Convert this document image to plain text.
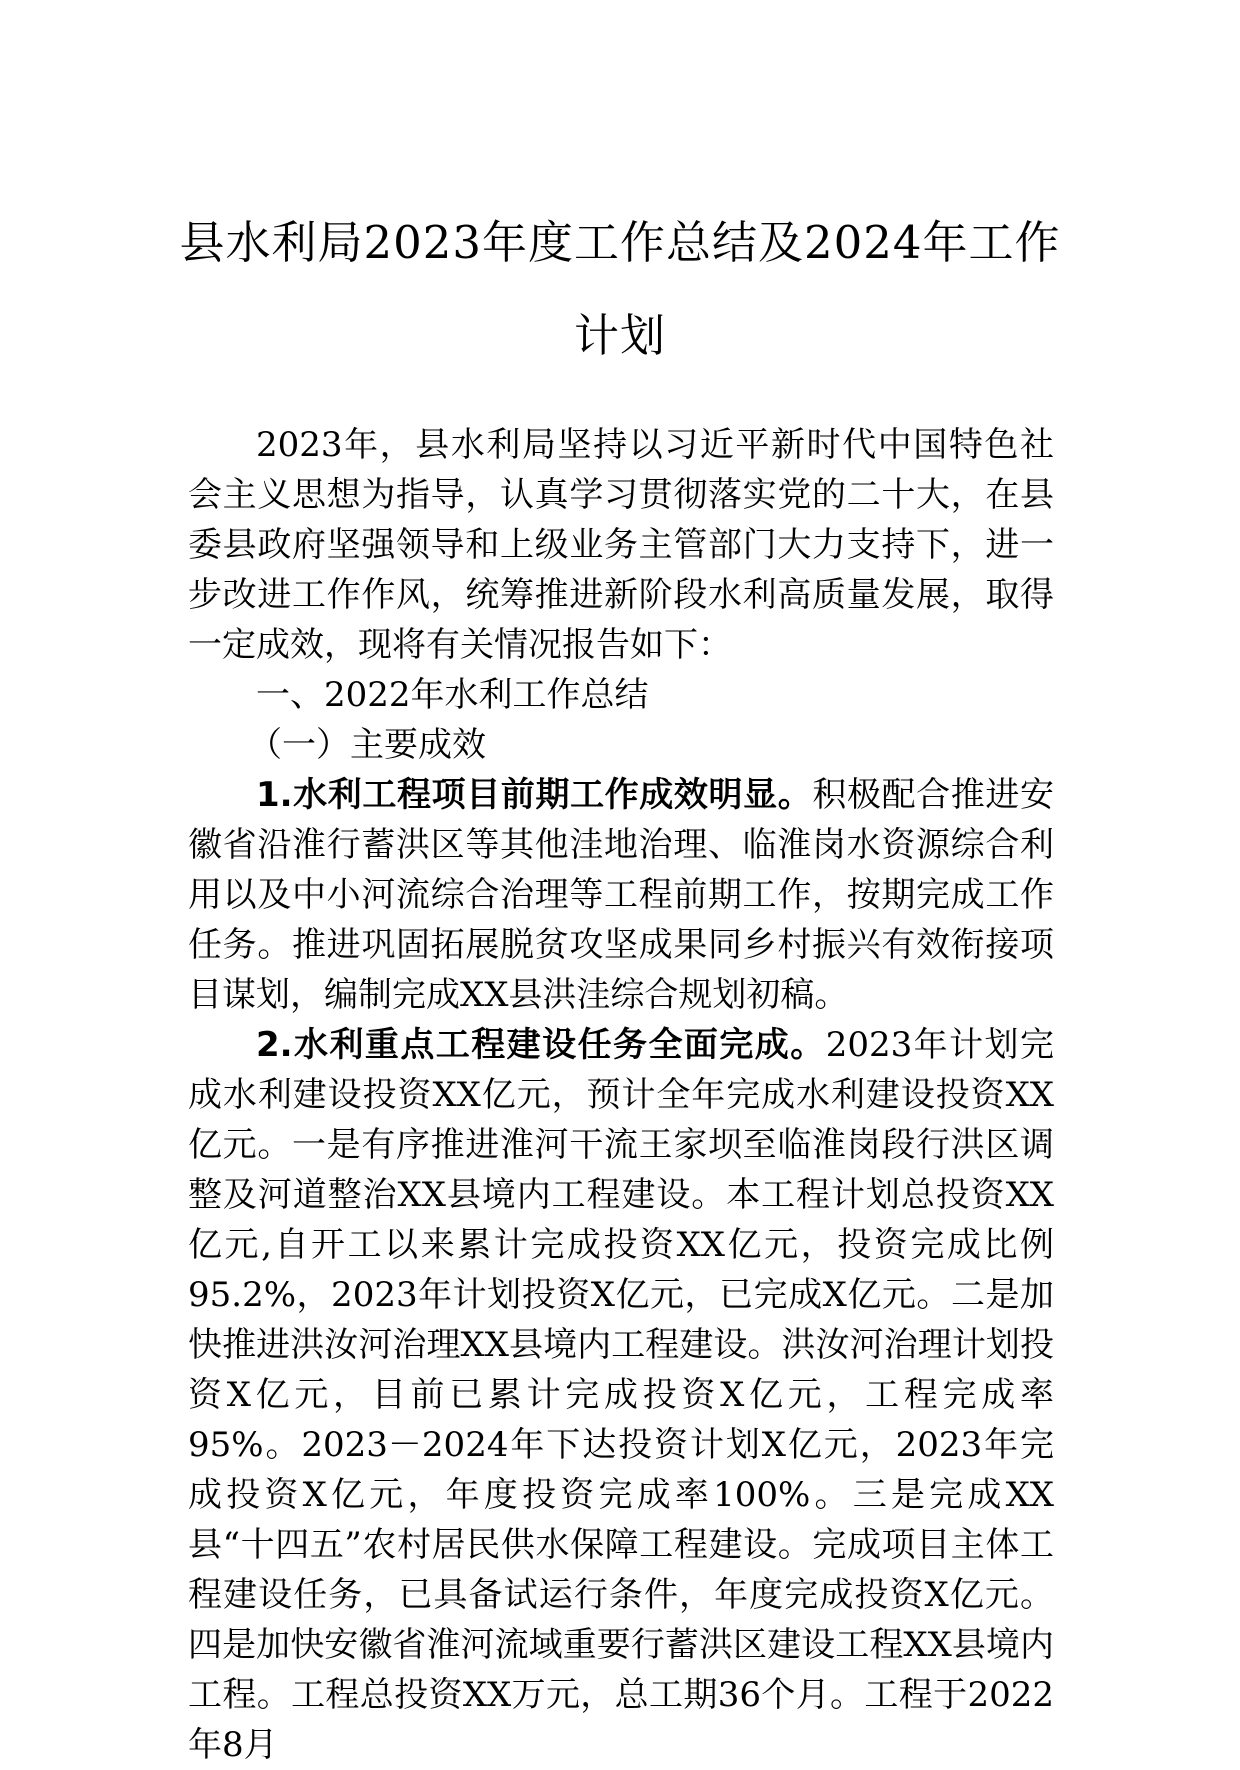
县水利局2023年度工作总结及2024年工作
计划

2023年，县水利局坚持以习近平新时代中国特色社会主义思想为指导，认真学习贯彻落实党的二十大，在县委县政府坚强领导和上级业务主管部门大力支持下，进一步改进工作作风，统筹推进新阶段水利高质量发展，取得一定成效，现将有关情况报告如下：

一、2022年水利工作总结
（一）主要成效

1.水利工程项目前期工作成效明显。积极配合推进安徽省沿淮行蓄洪区等其他洼地治理、临淮岗水资源综合利用以及中小河流综合治理等工程前期工作，按期完成工作任务。推进巩固拓展脱贫攻坚成果同乡村振兴有效衔接项目谋划，编制完成XX县洪洼综合规划初稿。

2.水利重点工程建设任务全面完成。2023年计划完成水利建设投资XX亿元，预计全年完成水利建设投资XX亿元。一是有序推进淮河干流王家坝至临淮岗段行洪区调整及河道整治XX县境内工程建设。本工程计划总投资XX亿元,自开工以来累计完成投资XX亿元，投资完成比例95.2%，2023年计划投资X亿元，已完成X亿元。二是加快推进洪汝河治理XX县境内工程建设。洪汝河治理计划投资X亿元，目前已累计完成投资X亿元，工程完成率95%。2023－2024年下达投资计划X亿元，2023年完成投资X亿元，年度投资完成率100%。三是完成XX县“十四五”农村居民供水保障工程建设。完成项目主体工程建设任务，已具备试运行条件，年度完成投资X亿元。四是加快安徽省淮河流域重要行蓄洪区建设工程XX县境内工程。工程总投资XX万元，总工期36个月。工程于2022年8月
